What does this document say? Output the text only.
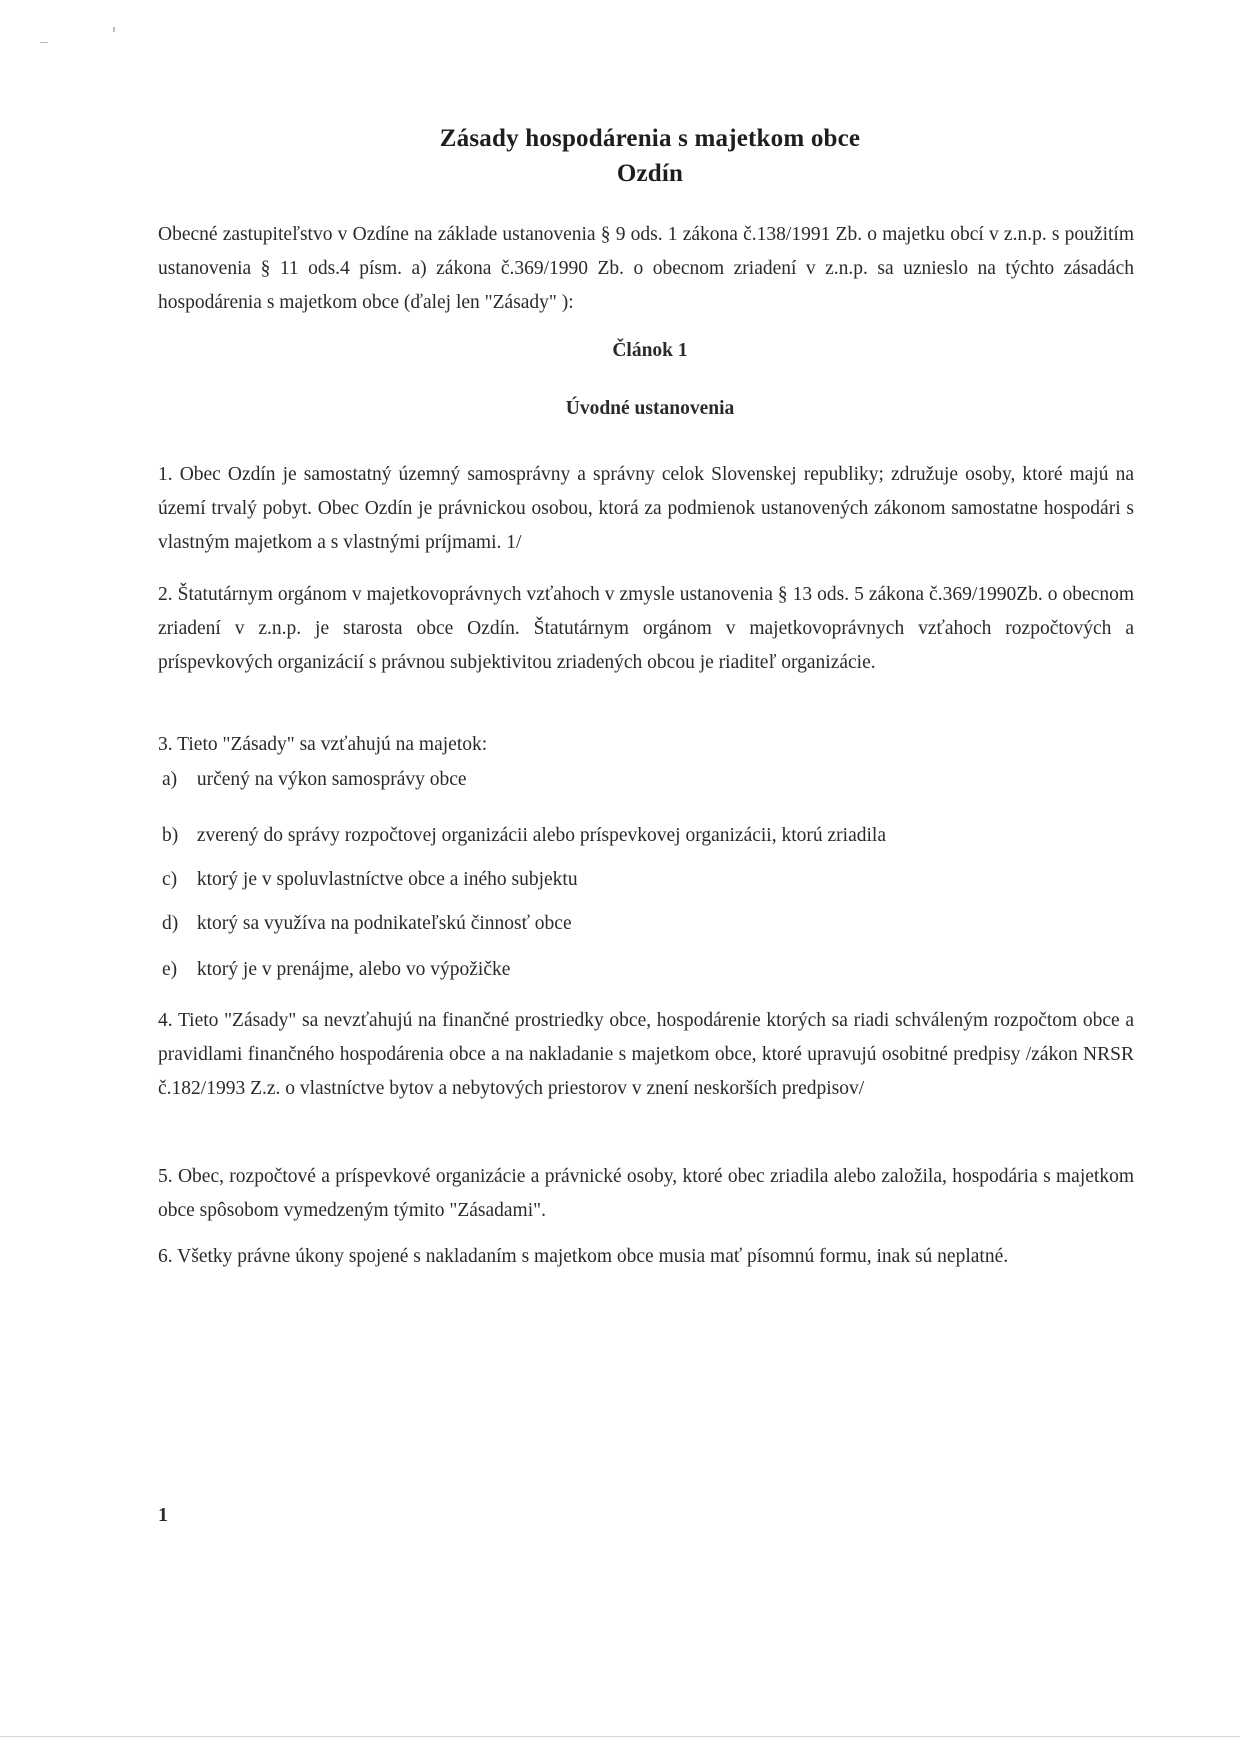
Zásady hospodárenia s majetkom obce
Ozdín
Obecné zastupiteľstvo v Ozdíne na základe ustanovenia § 9 ods. 1 zákona č.138/1991 Zb. o majetku obcí v z.n.p. s použitím ustanovenia § 11 ods.4 písm. a) zákona č.369/1990 Zb. o obecnom zriadení v z.n.p. sa uznieslo na týchto zásadách hospodárenia s majetkom obce (ďalej len "Zásady" ):
Článok 1
Úvodné ustanovenia
1. Obec Ozdín je samostatný územný samosprávny a správny celok Slovenskej republiky; združuje osoby, ktoré majú na území trvalý pobyt. Obec Ozdín je právnickou osobou, ktorá za podmienok ustanovených zákonom samostatne hospodári s vlastným majetkom a s vlastnými príjmami. 1/
2. Štatutárnym orgánom v majetkovoprávnych vzťahoch v zmysle ustanovenia § 13 ods. 5 zákona č.369/1990Zb. o obecnom zriadení v z.n.p. je starosta obce Ozdín. Štatutárnym orgánom v majetkovoprávnych vzťahoch rozpočtových a príspevkových organizácií s právnou subjektivitou zriadených obcou je riaditeľ organizácie.
3. Tieto "Zásady" sa vzťahujú na majetok:
a) určený na výkon samosprávy obce
b) zverený do správy rozpočtovej organizácii alebo príspevkovej organizácii, ktorú zriadila
c) ktorý je v spoluvlastníctve obce a iného subjektu
d) ktorý sa využíva na podnikateľskú činnosť obce
e) ktorý je v prenájme, alebo vo výpožičke
4. Tieto "Zásady" sa nevzťahujú na finančné prostriedky obce, hospodárenie ktorých sa riadi schváleným rozpočtom obce a pravidlami finančného hospodárenia obce a na nakladanie s majetkom obce, ktoré upravujú osobitné predpisy /zákon NRSR č.182/1993 Z.z. o vlastníctve bytov a nebytových priestorov v znení neskorších predpisov/
5. Obec, rozpočtové a príspevkové organizácie a právnické osoby, ktoré obec zriadila alebo založila, hospodária s majetkom obce spôsobom vymedzeným týmito "Zásadami".
6. Všetky právne úkony spojené s nakladaním s majetkom obce musia mať písomnú formu, inak sú neplatné.
1
